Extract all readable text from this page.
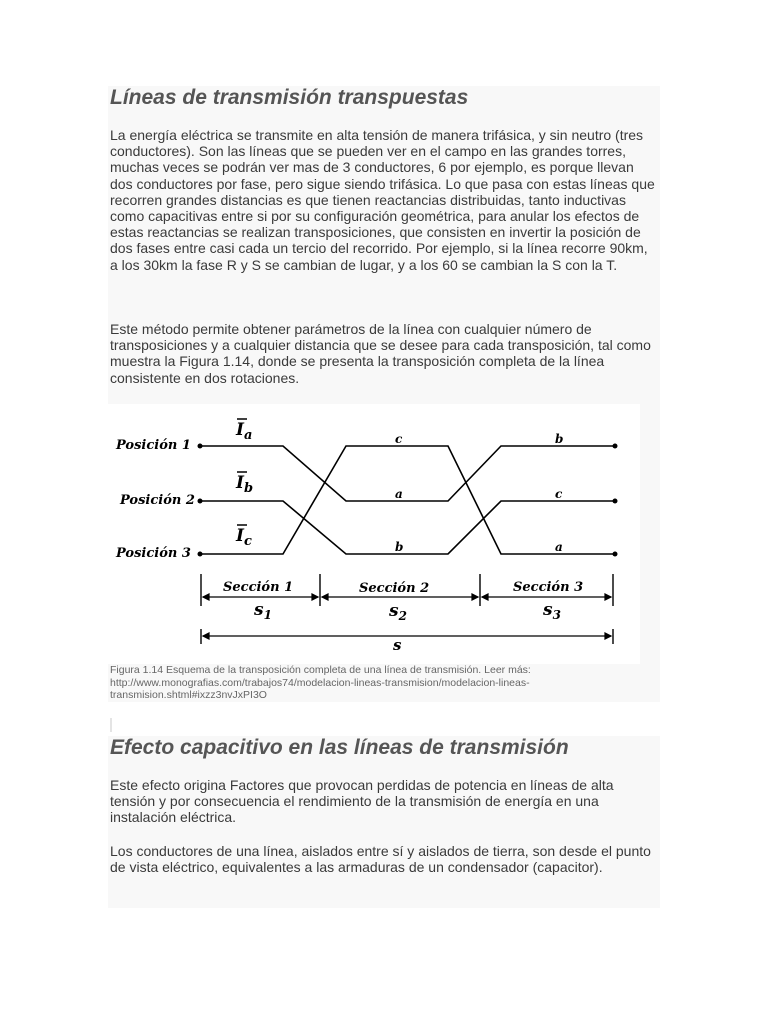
Líneas de transmisión transpuestas

La energía eléctrica se transmite en alta tensión de manera trifásica, y sin neutro (tres conductores). Son las líneas que se pueden ver en el campo en las grandes torres, muchas veces se podrán ver mas de 3 conductores, 6 por ejemplo, es porque llevan dos conductores por fase, pero sigue siendo trifásica. Lo que pasa con estas líneas que recorren grandes distancias es que tienen reactancias distribuidas, tanto inductivas como capacitivas entre si por su configuración geométrica, para anular los efectos de estas reactancias se realizan transposiciones, que consisten en invertir la posición de dos fases entre casi cada un tercio del recorrido. Por ejemplo, si la línea recorre 90km, a los 30km la fase R y S se cambian de lugar, y a los 60 se cambian la S con la T.

Este método permite obtener parámetros de la línea con cualquier número de transposiciones y a cualquier distancia que se desee para cada transposición, tal como muestra la Figura 1.14, donde se presenta la transposición completa de la línea consistente en dos rotaciones.

Posición 1
Posición 2
Posición 3
$I_a$
$I_b$
$I_c$
c
a
b
b
c
a
Sección 1	Sección 2	Sección 3
$s_1$	$s_2$	$s_3$
s
Figura 1.14 Esquema de la transposición completa de una línea de transmisión. Leer más: http://www.monografias.com/trabajos74/modelacion-lineas-transmision/modelacion-lineas-transmision.shtml#ixzz3nvJxPI3O
Efecto capacitivo en las líneas de transmisión

Este efecto origina Factores que provocan perdidas de potencia en líneas de alta tensión y por consecuencia el rendimiento de la transmisión de energía en una instalación eléctrica.

Los conductores de una línea, aislados entre sí y aislados de tierra, son desde el punto de vista eléctrico, equivalentes a las armaduras de un condensador (capacitor).
